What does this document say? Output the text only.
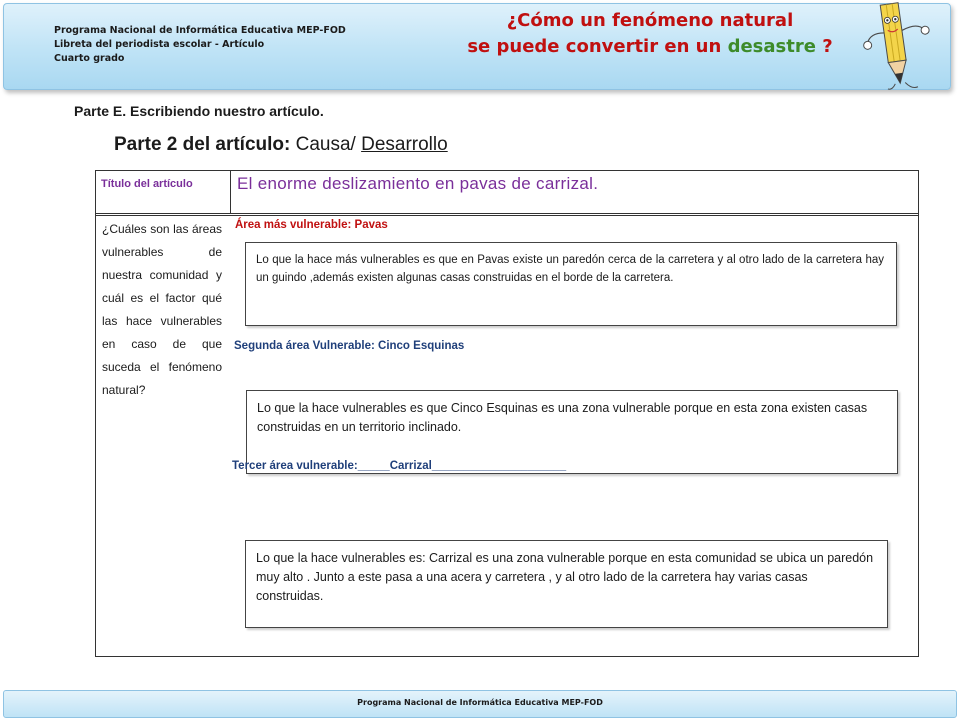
Programa Nacional de Informática Educativa MEP-FOD
Libreta del periodista escolar - Artículo
Cuarto grado
¿Cómo un fenómeno natural
se puede convertir en un desastre ?
Parte E. Escribiendo nuestro artículo.
Parte 2 del artículo: Causa/ Desarrollo
Título del artículo	El enorme deslizamiento en pavas de carrizal.
¿Cuáles son las áreas vulnerables de nuestra comunidad y cuál es el factor qué las hace vulnerables en caso de que suceda el fenómeno natural?
Área más vulnerable: Pavas
Lo que la hace más vulnerables es que en Pavas existe un paredón cerca de la carretera y al otro lado de la carretera hay un guindo ,además existen algunas casas construidas en el borde de la carretera.
Segunda área Vulnerable: Cinco Esquinas
Lo que la hace vulnerables es que Cinco Esquinas es una zona vulnerable porque en esta zona existen casas construidas en un territorio inclinado.
Tercer área vulnerable:_____Carrizal_____________________
Lo que la hace vulnerables es: Carrizal es una zona vulnerable porque en esta comunidad se ubica un paredón muy alto . Junto a este pasa a una acera y carretera , y al otro lado de la carretera hay varias casas construidas.
Programa Nacional de Informática Educativa MEP-FOD
